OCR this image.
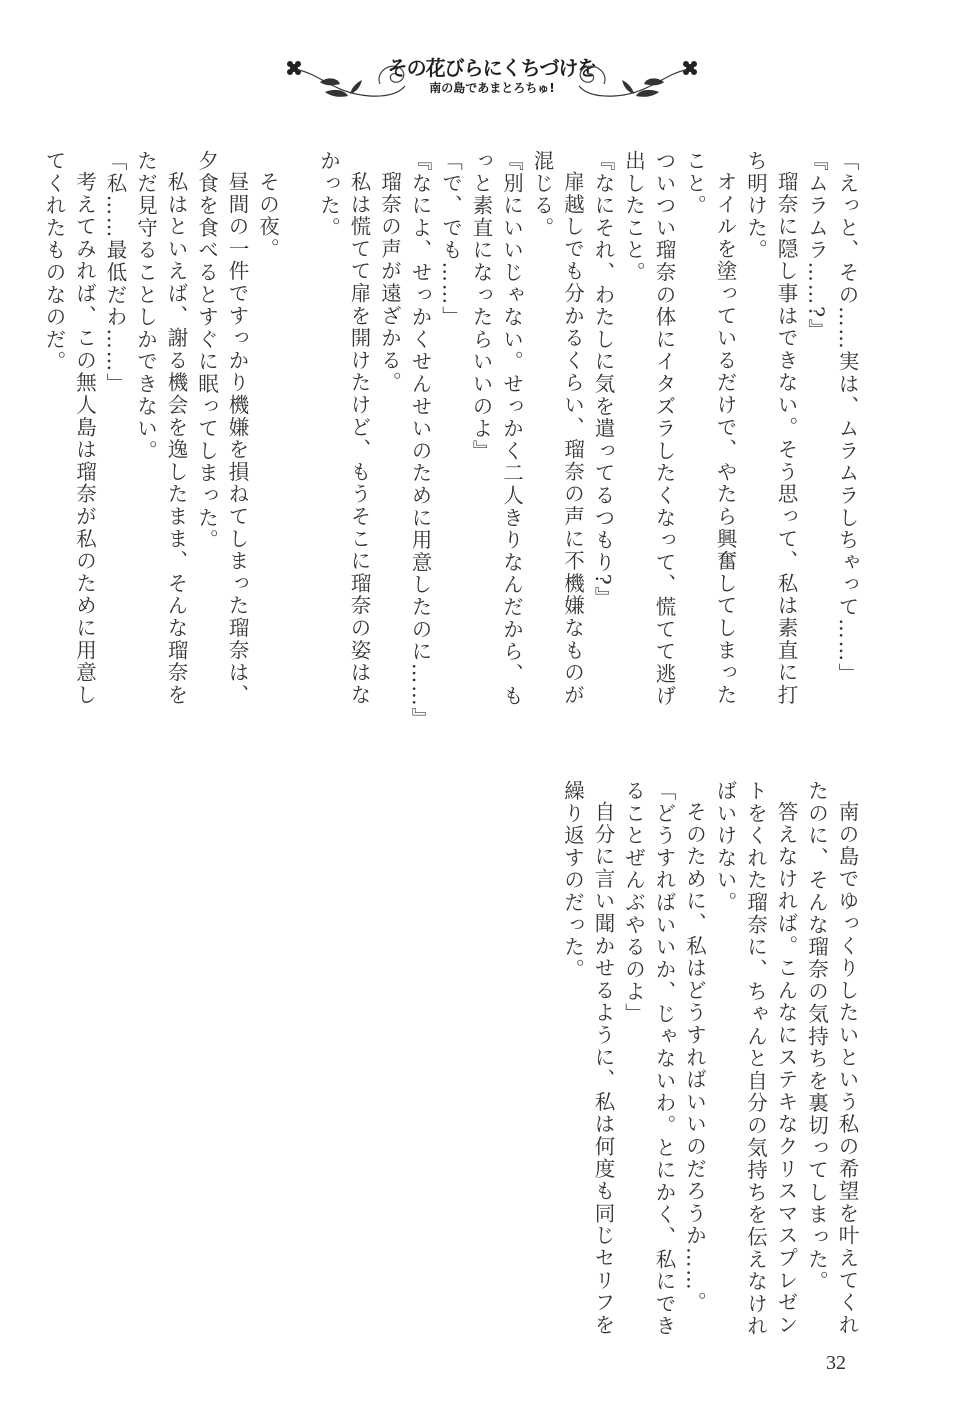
その花びらにくちづけを
南の島であまとろちゅ!

「えっと、その……実は、ムラムラしちゃって……」

『ムラムラ……?』

瑠奈に隠し事はできない。そう思って、私は素直に打ち明けた。

オイルを塗っているだけで、やたら興奮してしまったこと。

ついつい瑠奈の体にイタズラしたくなって、慌てて逃げ出したこと。

『なにそれ、わたしに気を遣ってるつもり?』

扉越しでも分かるくらい、瑠奈の声に不機嫌なものが混じる。

『別にいいじゃない。せっかく二人きりなんだから、もっと素直になったらいいのよ』

「で、でも……」

『なによ、せっかくせんせいのために用意したのに……』

瑠奈の声が遠ざかる。

私は慌てて扉を開けたけど、もうそこに瑠奈の姿はなかった。

その夜。

昼間の一件ですっかり機嫌を損ねてしまった瑠奈は、夕食を食べるとすぐに眠ってしまった。

私はといえば、謝る機会を逸したまま、そんな瑠奈をただ見守ることしかできない。

「私……最低だわ……」

考えてみれば、この無人島は瑠奈が私のために用意してくれたものなのだ。

南の島でゆっくりしたいという私の希望を叶えてくれたのに、そんな瑠奈の気持ちを裏切ってしまった。

答えなければ。こんなにステキなクリスマスプレゼントをくれた瑠奈に、ちゃんと自分の気持ちを伝えなければいけない。

そのために、私はどうすればいいのだろうか……。

「どうすればいいか、じゃないわ。とにかく、私にできることぜんぶやるのよ」

自分に言い聞かせるように、私は何度も同じセリフを繰り返すのだった。

32
